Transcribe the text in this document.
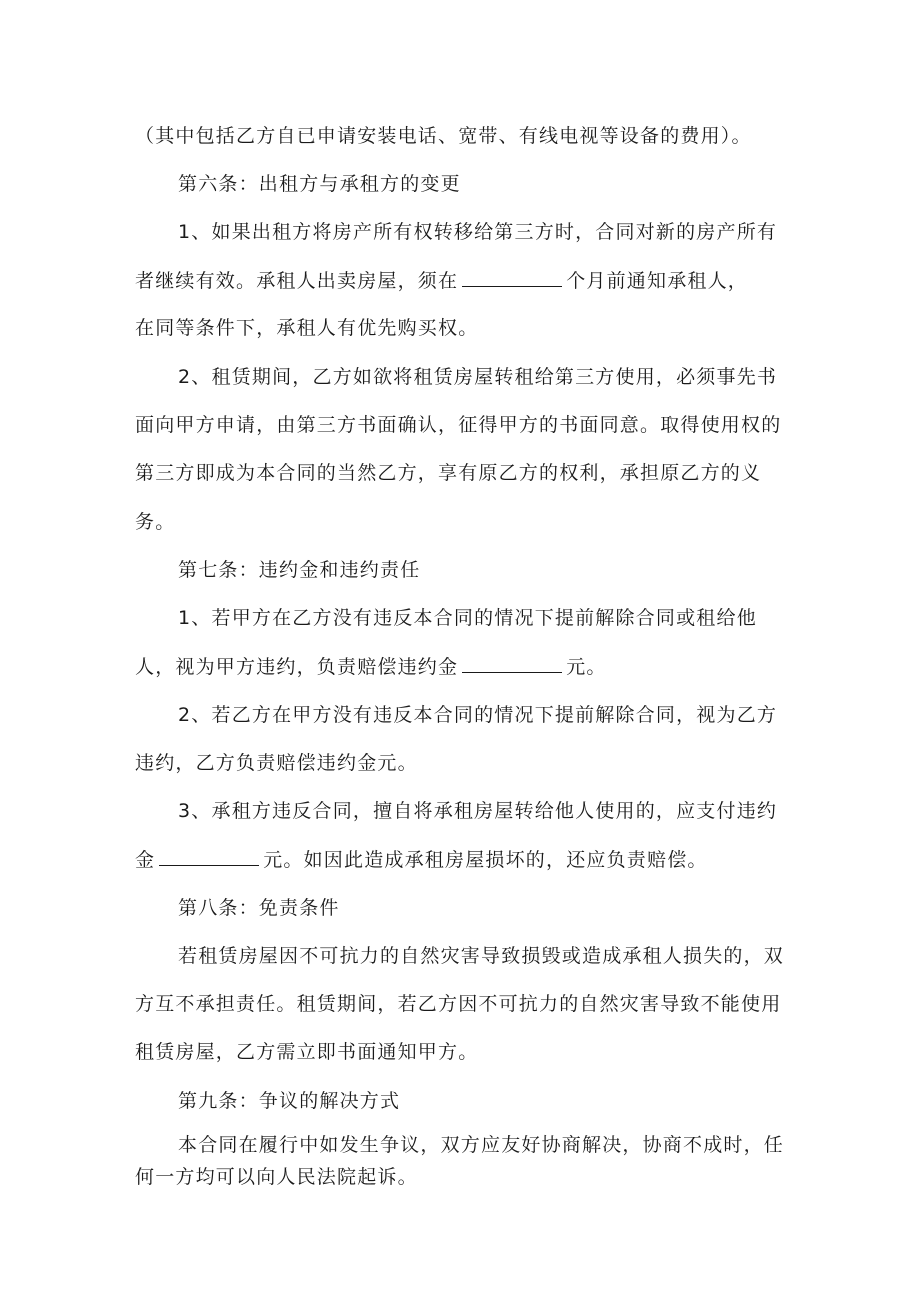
（其中包括乙方自已申请安装电话、宽带、有线电视等设备的费用）。
第六条：出租方与承租方的变更
1、如果出租方将房产所有权转移给第三方时，合同对新的房产所有
者继续有效。承租人出卖房屋，须在	个月前通知承租人，
在同等条件下，承租人有优先购买权。
2、租赁期间，乙方如欲将租赁房屋转租给第三方使用，必须事先书
面向甲方申请，由第三方书面确认，征得甲方的书面同意。取得使用权的
第三方即成为本合同的当然乙方，享有原乙方的权利，承担原乙方的义
务。
第七条：违约金和违约责任
1、若甲方在乙方没有违反本合同的情况下提前解除合同或租给他
人，视为甲方违约，负责赔偿违约金	元。
2、若乙方在甲方没有违反本合同的情况下提前解除合同，视为乙方
违约，乙方负责赔偿违约金元。
3、承租方违反合同，擅自将承租房屋转给他人使用的，应支付违约
金	元。如因此造成承租房屋损坏的，还应负责赔偿。
第八条：免责条件
若租赁房屋因不可抗力的自然灾害导致损毁或造成承租人损失的，双
方互不承担责任。租赁期间，若乙方因不可抗力的自然灾害导致不能使用
租赁房屋，乙方需立即书面通知甲方。
第九条：争议的解决方式
本合同在履行中如发生争议，双方应友好协商解决，协商不成时，任
何一方均可以向人民法院起诉。
